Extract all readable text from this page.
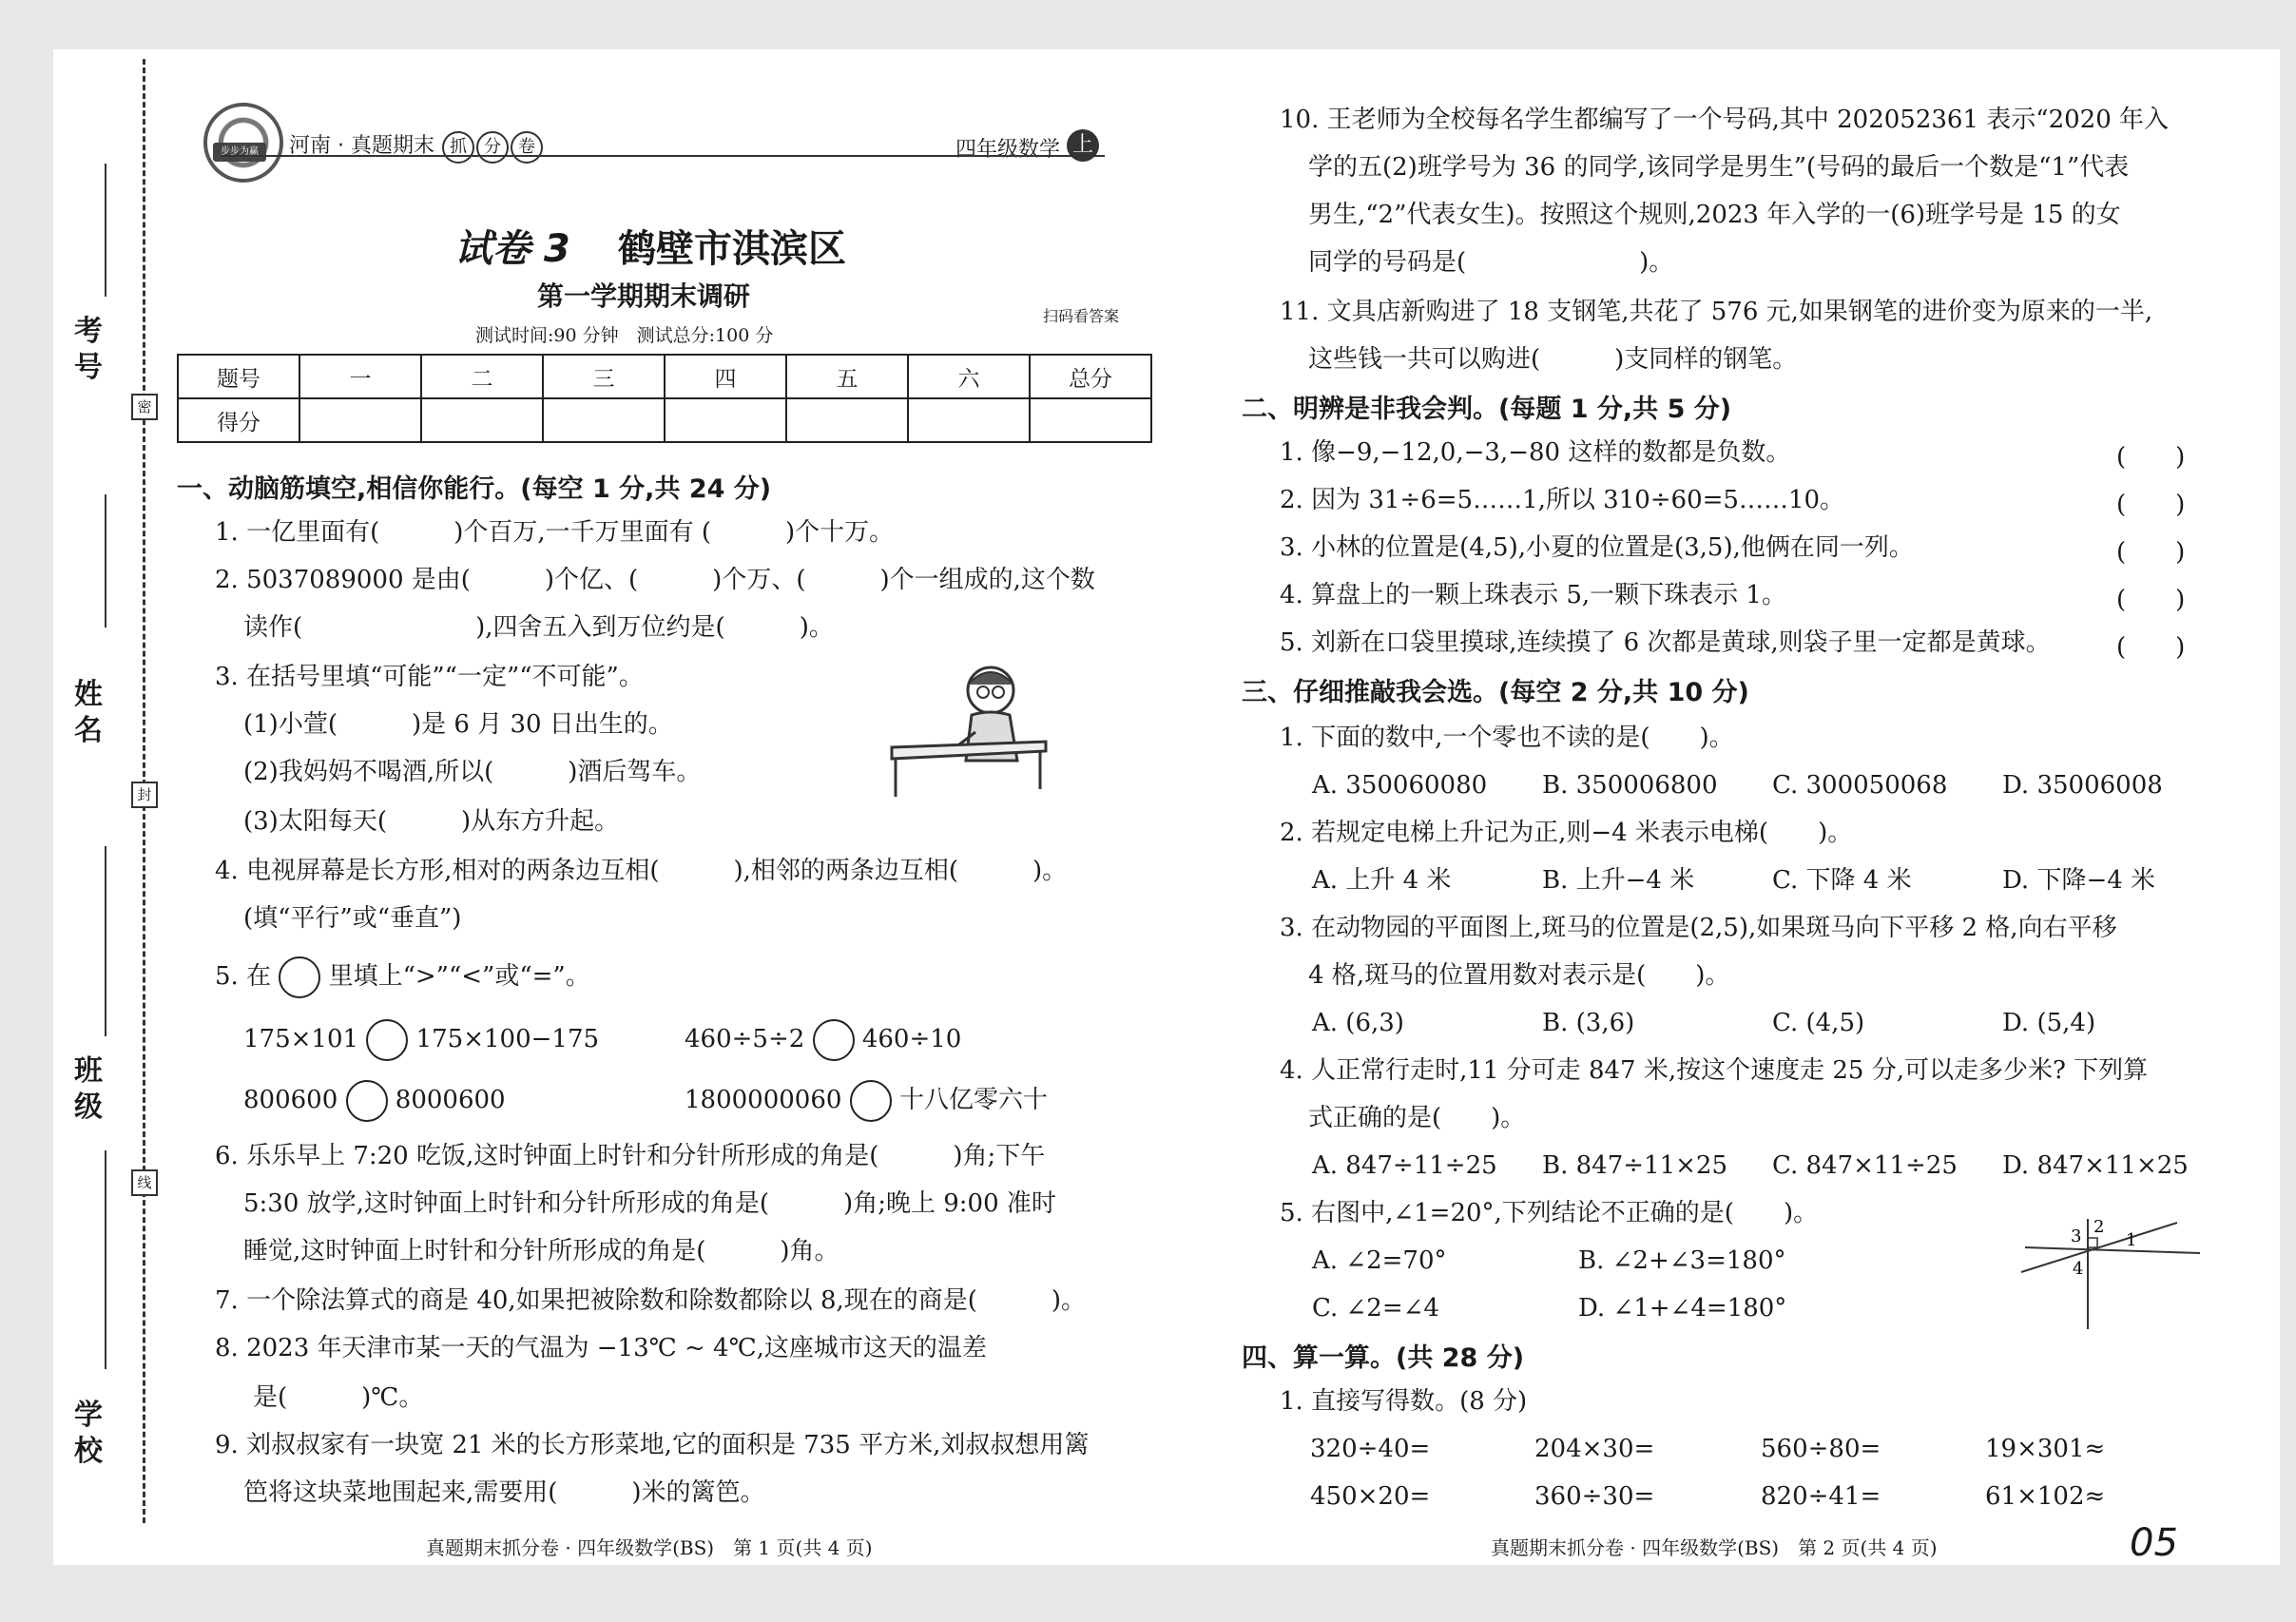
密
封
线
考
号
姓
名
班
级
学
校
步步为赢	河南 · 真题期末 抓 分 卷	四年级数学 上
试卷 3 鹤壁市淇滨区
第一学期期末调研
测试时间:90 分钟　测试总分:100 分
扫码看答案
题号	一	二	三	四	五	六	总分
得分							
一、动脑筋填空,相信你能行。(每空 1 分,共 24 分)
1. 一亿里面有(　　　)个百万,一千万里面有 (　　　)个十万。
2. 5037089000 是由(　　　)个亿、(　　　)个万、(　　　)个一组成的,这个数
读作(　　　　　　　),四舍五入到万位约是(　　　)。
3. 在括号里填“可能”“一定”“不可能”。
(1)小萱(　　　)是 6 月 30 日出生的。
(2)我妈妈不喝酒,所以(　　　)酒后驾车。
(3)太阳每天(　　　)从东方升起。
4. 电视屏幕是长方形,相对的两条边互相(　　　),相邻的两条边互相(　　　)。
(填“平行”或“垂直”)
5. 在 里填上“>”“<”或“=”。
175×101 175×100−175	460÷5÷2 460÷10
800600 8000600	1800000060 十八亿零六十
6. 乐乐早上 7:20 吃饭,这时钟面上时针和分针所形成的角是(　　　)角;下午
5:30 放学,这时钟面上时针和分针所形成的角是(　　　)角;晚上 9:00 准时
睡觉,这时钟面上时针和分针所形成的角是(　　　)角。
7. 一个除法算式的商是 40,如果把被除数和除数都除以 8,现在的商是(　　　)。
8. 2023 年天津市某一天的气温为 −13℃ ~ 4℃,这座城市这天的温差
是(　　　)℃。
9. 刘叔叔家有一块宽 21 米的长方形菜地,它的面积是 735 平方米,刘叔叔想用篱
笆将这块菜地围起来,需要用(　　　)米的篱笆。
真题期末抓分卷 · 四年级数学(BS)　第 1 页(共 4 页)
10. 王老师为全校每名学生都编写了一个号码,其中 202052361 表示“2020 年入
学的五(2)班学号为 36 的同学,该同学是男生”(号码的最后一个数是“1”代表
男生,“2”代表女生)。按照这个规则,2023 年入学的一(6)班学号是 15 的女
同学的号码是(　　　　　　　)。
11. 文具店新购进了 18 支钢笔,共花了 576 元,如果钢笔的进价变为原来的一半,
这些钱一共可以购进(　　　)支同样的钢笔。
二、明辨是非我会判。(每题 1 分,共 5 分)
1. 像−9,−12,0,−3,−80 这样的数都是负数。	(　　)
2. 因为 31÷6=5……1,所以 310÷60=5……10。	(　　)
3. 小林的位置是(4,5),小夏的位置是(3,5),他俩在同一列。	(　　)
4. 算盘上的一颗上珠表示 5,一颗下珠表示 1。	(　　)
5. 刘新在口袋里摸球,连续摸了 6 次都是黄球,则袋子里一定都是黄球。	(　　)
三、仔细推敲我会选。(每空 2 分,共 10 分)
1. 下面的数中,一个零也不读的是(　　)。
A. 350060080 B. 350006800 C. 300050068 D. 35006008
2. 若规定电梯上升记为正,则−4 米表示电梯(　　)。
A. 上升 4 米	B. 上升−4 米	C. 下降 4 米	D. 下降−4 米
3. 在动物园的平面图上,斑马的位置是(2,5),如果斑马向下平移 2 格,向右平移
4 格,斑马的位置用数对表示是(　　)。
A. (6,3)	B. (3,6)	C. (4,5)	D. (5,4)
4. 人正常行走时,11 分可走 847 米,按这个速度走 25 分,可以走多少米? 下列算
式正确的是(　　)。
A. 847÷11÷25 B. 847÷11×25 C. 847×11÷25 D. 847×11×25
5. 右图中,∠1=20°,下列结论不正确的是(　　)。
A. ∠2=70°	B. ∠2+∠3=180°
C. ∠2=∠4	D. ∠1+∠4=180°
1
2
3
4
四、算一算。(共 28 分)
1. 直接写得数。(8 分)
320÷40=	204×30=	560÷80=	19×301≈
450×20=	360÷30=	820÷41=	61×102≈
真题期末抓分卷 · 四年级数学(BS)　第 2 页(共 4 页)	05
